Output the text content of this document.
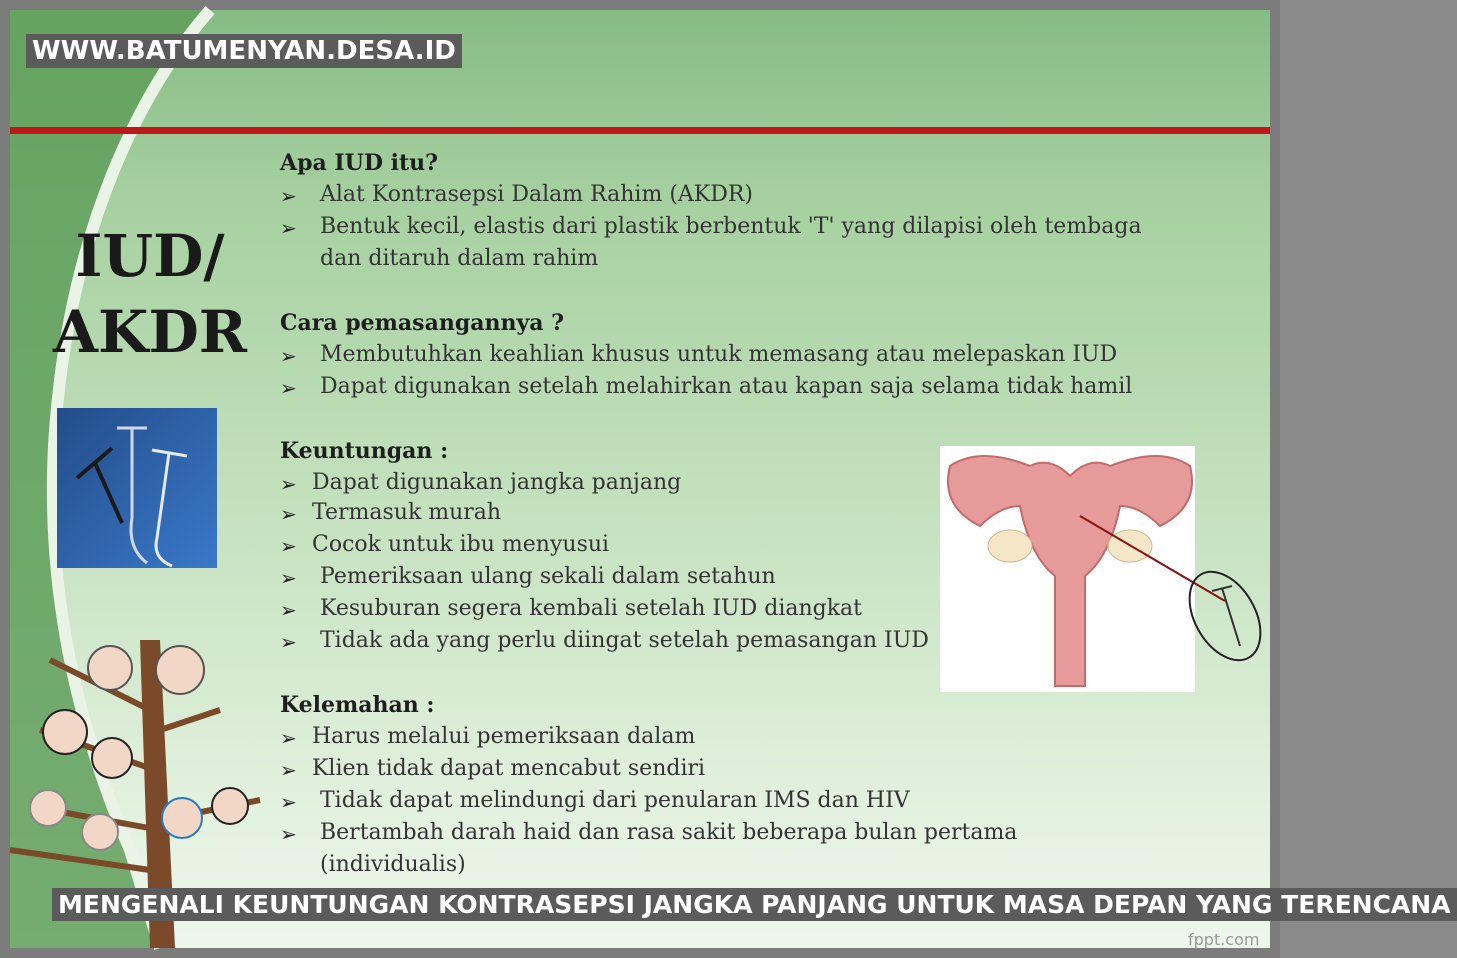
IUD/
AKDR
Apa IUD itu?
➢ Alat Kontrasepsi Dalam Rahim (AKDR)
➢ Bentuk kecil, elastis dari plastik berbentuk 'T' yang dilapisi oleh tembaga
dan ditaruh dalam rahim
Cara pemasangannya ?
➢ Membutuhkan keahlian khusus untuk memasang atau melepaskan IUD
➢ Dapat digunakan setelah melahirkan atau kapan saja selama tidak hamil
Keuntungan :
➢ Dapat digunakan jangka panjang
➢ Termasuk murah
➢ Cocok untuk ibu menyusui
➢ Pemeriksaan ulang sekali dalam setahun
➢ Kesuburan segera kembali setelah IUD diangkat
➢ Tidak ada yang perlu diingat setelah pemasangan IUD
Kelemahan :
➢ Harus melalui pemeriksaan dalam
➢ Klien tidak dapat mencabut sendiri
➢ Tidak dapat melindungi dari penularan IMS dan HIV
➢ Bertambah darah haid dan rasa sakit beberapa bulan pertama
(individualis)
fppt.com
WWW.BATUMENYAN.DESA.ID
MENGENALI KEUNTUNGAN KONTRASEPSI JANGKA PANJANG UNTUK MASA DEPAN YANG TERENCANA
